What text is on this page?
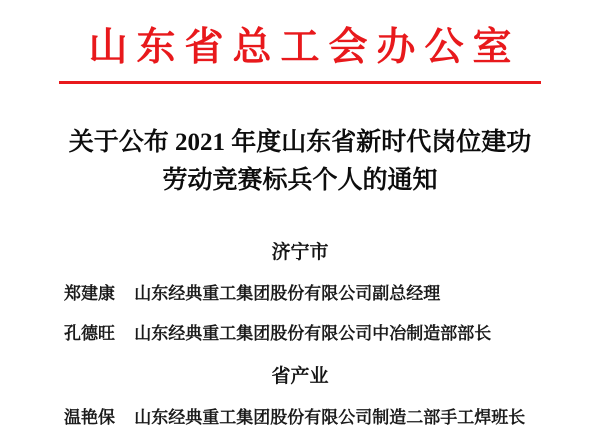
山东省总工会办公室
关于公布 2021 年度山东省新时代岗位建功
劳动竞赛标兵个人的通知
济宁市
郑建康 山东经典重工集团股份有限公司副总经理
孔德旺 山东经典重工集团股份有限公司中冶制造部部长
省产业
温艳保 山东经典重工集团股份有限公司制造二部手工焊班长
